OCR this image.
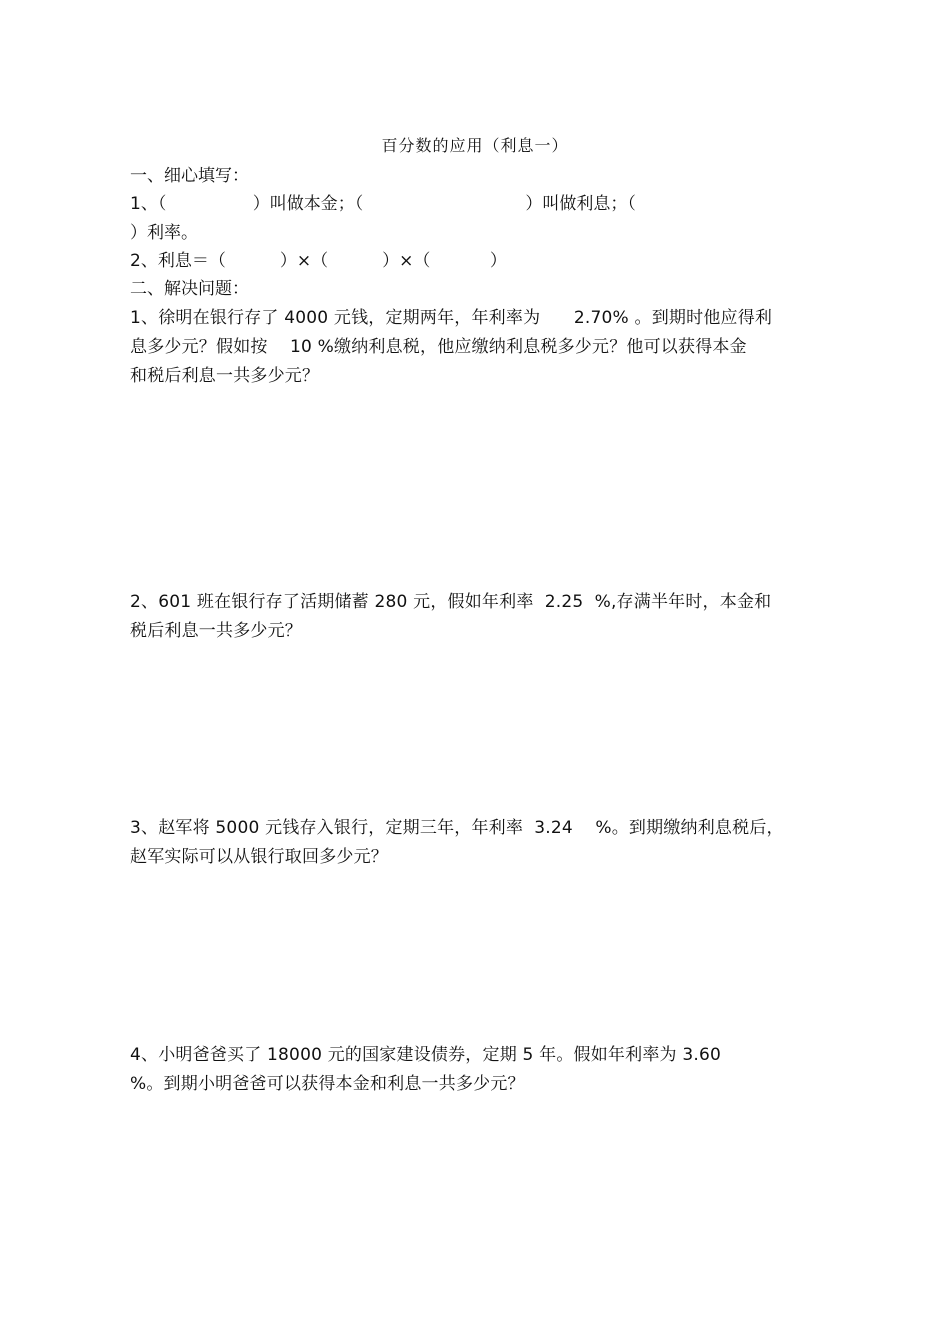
百分数的应用（利息一）
一、细心填写：
1、（                ）叫做本金；（                              ）叫做利息；（
）利率。
2、利息＝（          ）×（          ）×（           ）
二、解决问题：
1、徐明在银行存了 4000 元钱，定期两年，年利率为      2.70% 。到期时他应得利
息多少元？假如按    10 %缴纳利息税，他应缴纳利息税多少元？他可以获得本金
和税后利息一共多少元？
2、601 班在银行存了活期储蓄 280 元，假如年利率  2.25  %,存满半年时，本金和
税后利息一共多少元？
3、赵军将 5000 元钱存入银行，定期三年，年利率  3.24    %。到期缴纳利息税后，
赵军实际可以从银行取回多少元？
4、小明爸爸买了 18000 元的国家建设债券，定期 5 年。假如年利率为 3.60
%。到期小明爸爸可以获得本金和利息一共多少元？
